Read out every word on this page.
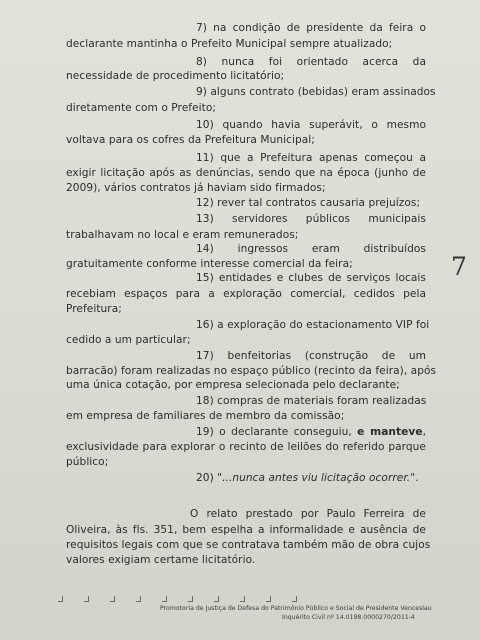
7) na condição de presidente da feira o
declarante mantinha o Prefeito Municipal sempre atualizado;
8) nunca foi orientado acerca da
necessidade de procedimento licitatório;
9) alguns contrato (bebidas) eram assinados
diretamente com o Prefeito;
10) quando havia superávit, o mesmo
voltava para os cofres da Prefeitura Municipal;
11) que a Prefeitura apenas começou a
exigir licitação após as denúncias, sendo que na época (junho de
2009), vários contratos já haviam sido firmados;
12) rever tal contratos causaria prejuízos;
13) servidores públicos municipais
trabalhavam no local e eram remunerados;
14) ingressos eram distribuídos
gratuitamente conforme interesse comercial da feira;
15) entidades e clubes de serviços locais
recebiam espaços para a exploração comercial, cedidos pela
Prefeitura;
16) a exploração do estacionamento VIP foi
cedido a um particular;
17) benfeitorias (construção de um
barracão) foram realizadas no espaço público (recinto da feira), após
uma única cotação, por empresa selecionada pelo declarante;
18) compras de materiais foram realizadas
em empresa de familiares de membro da comissão;
19) o declarante conseguiu, e manteve,
exclusividade para explorar o recinto de leilões do referido parque
público;
20) "...nunca antes viu licitação ocorrer.".
O relato prestado por Paulo Ferreira de
Oliveira, às fls. 351, bem espelha a informalidade e ausência de
requisitos legais com que se contratava também mão de obra cujos
valores exigiam certame licitatório.
7
Promotoria de Justiça de Defesa do Patrimônio Público e Social de Presidente Venceslau
Inquérito Civil nº 14.0198.0000270/2011-4
